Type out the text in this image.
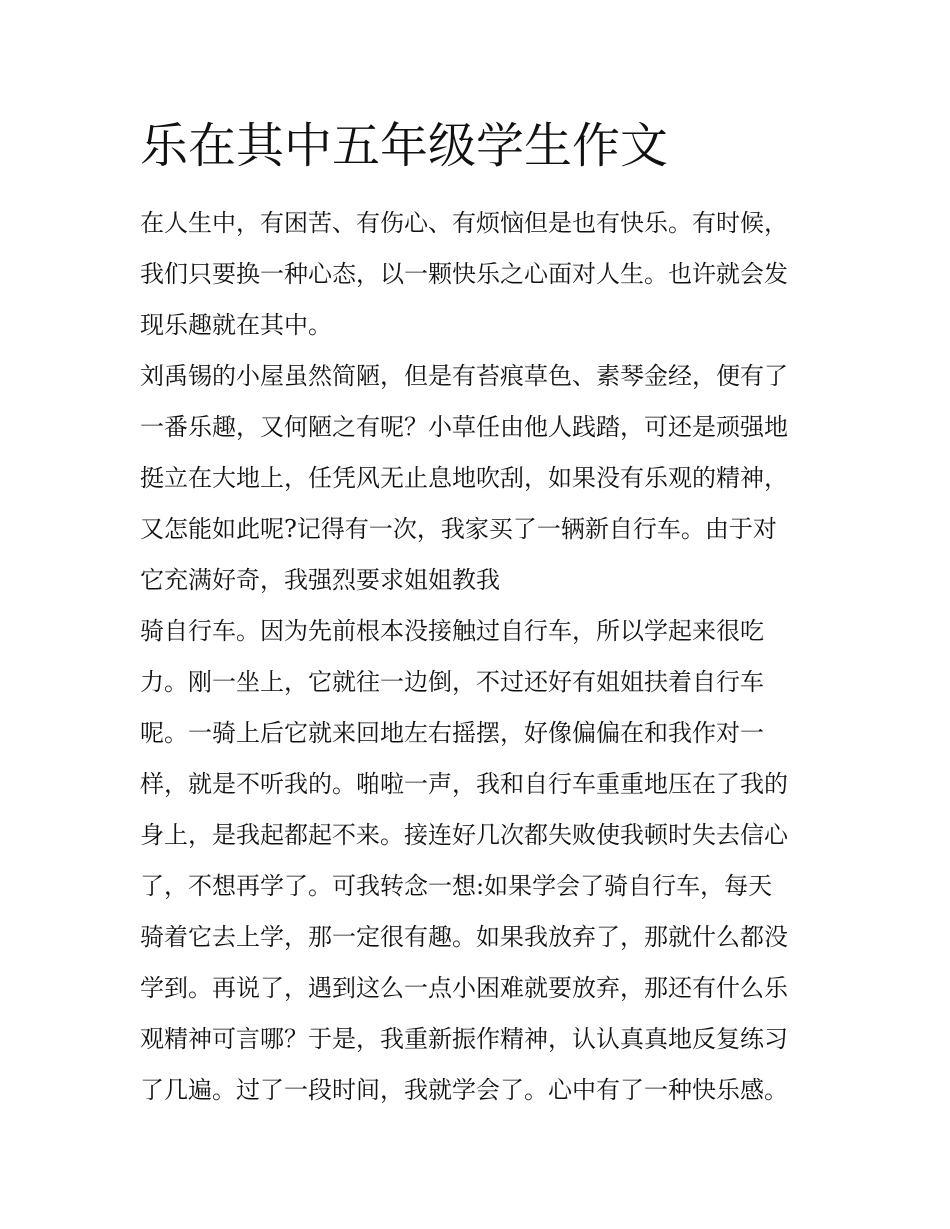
乐在其中五年级学生作文

在人生中，有困苦、有伤心、有烦恼但是也有快乐。有时候，

我们只要换一种心态，以一颗快乐之心面对人生。也许就会发

现乐趣就在其中。

刘禹锡的小屋虽然简陋，但是有苔痕草色、素琴金经，便有了

一番乐趣，又何陋之有呢？小草任由他人践踏，可还是顽强地

挺立在大地上，任凭风无止息地吹刮，如果没有乐观的精神，

又怎能如此呢?记得有一次，我家买了一辆新自行车。由于对

它充满好奇，我强烈要求姐姐教我

骑自行车。因为先前根本没接触过自行车，所以学起来很吃

力。刚一坐上，它就往一边倒，不过还好有姐姐扶着自行车

呢。一骑上后它就来回地左右摇摆，好像偏偏在和我作对一

样，就是不听我的。啪啦一声，我和自行车重重地压在了我的

身上，是我起都起不来。接连好几次都失败使我顿时失去信心

了，不想再学了。可我转念一想:如果学会了骑自行车，每天

骑着它去上学，那一定很有趣。如果我放弃了，那就什么都没

学到。再说了，遇到这么一点小困难就要放弃，那还有什么乐

观精神可言哪？于是，我重新振作精神，认认真真地反复练习

了几遍。过了一段时间，我就学会了。心中有了一种快乐感。
